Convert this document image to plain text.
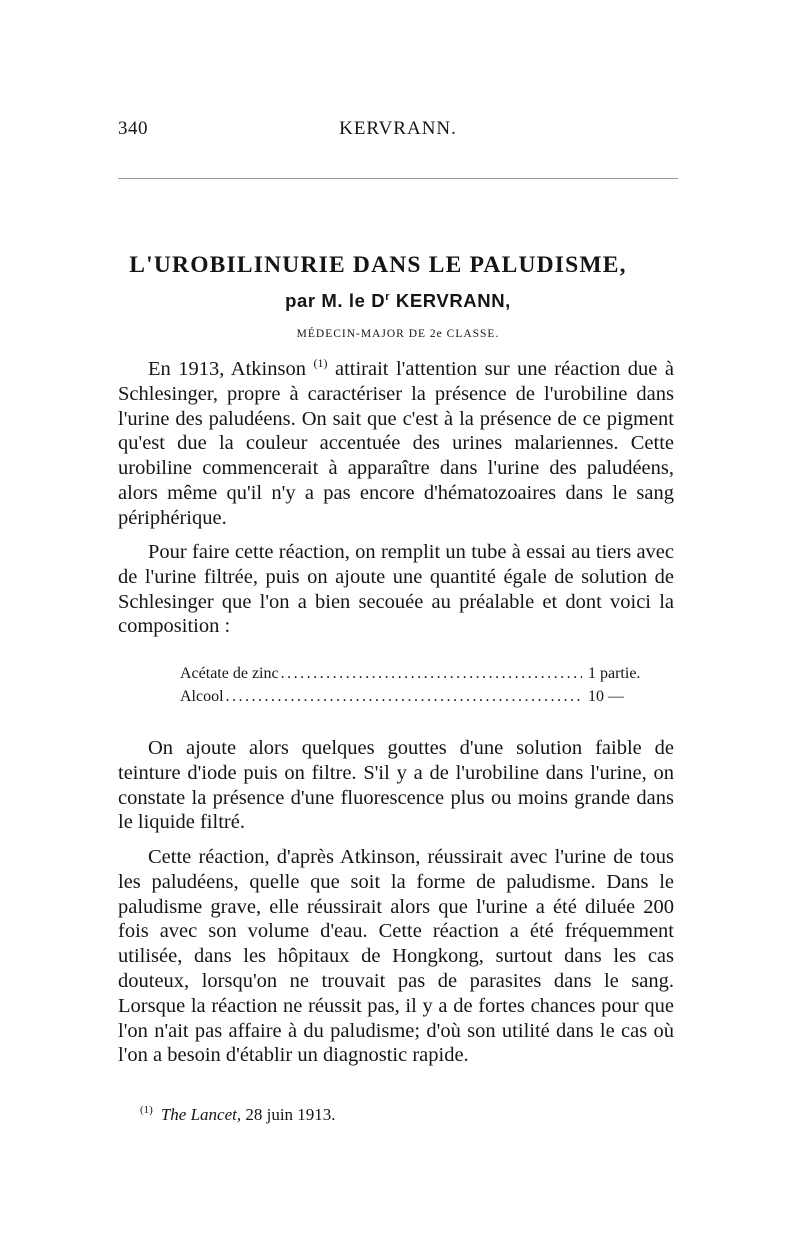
340	KERVRANN.
L'UROBILINURIE DANS LE PALUDISME,
par M. le $D^r$ KERVRANN,
MÉDECIN-MAJOR DE 2e CLASSE.

En 1913, Atkinson $^{(1)}$ attirait l'attention sur une réaction due à Schlesinger, propre à caractériser la présence de l'urobiline dans l'urine des paludéens. On sait que c'est à la présence de ce pigment qu'est due la couleur accentuée des urines malariennes. Cette urobiline commencerait à apparaître dans l'urine des paludéens, alors même qu'il n'y a pas encore d'hématozoaires dans le sang périphérique.

Pour faire cette réaction, on remplit un tube à essai au tiers avec de l'urine filtrée, puis on ajoute une quantité égale de solution de Schlesinger que l'on a bien secouée au préalable et dont voici la composition :

Acétate de zinc .....	1 partie.
Alcool .....	10 —

On ajoute alors quelques gouttes d'une solution faible de teinture d'iode puis on filtre. S'il y a de l'urobiline dans l'urine, on constate la présence d'une fluorescence plus ou moins grande dans le liquide filtré.

Cette réaction, d'après Atkinson, réussirait avec l'urine de tous les paludéens, quelle que soit la forme de paludisme. Dans le paludisme grave, elle réussirait alors que l'urine a été diluée 200 fois avec son volume d'eau. Cette réaction a été fréquemment utilisée, dans les hôpitaux de Hongkong, surtout dans les cas douteux, lorsqu'on ne trouvait pas de parasites dans le sang. Lorsque la réaction ne réussit pas, il y a de fortes chances pour que l'on n'ait pas affaire à du paludisme; d'où son utilité dans le cas où l'on a besoin d'établir un diagnostic rapide.

$^{(1)}$ The Lancet, 28 juin 1913.
